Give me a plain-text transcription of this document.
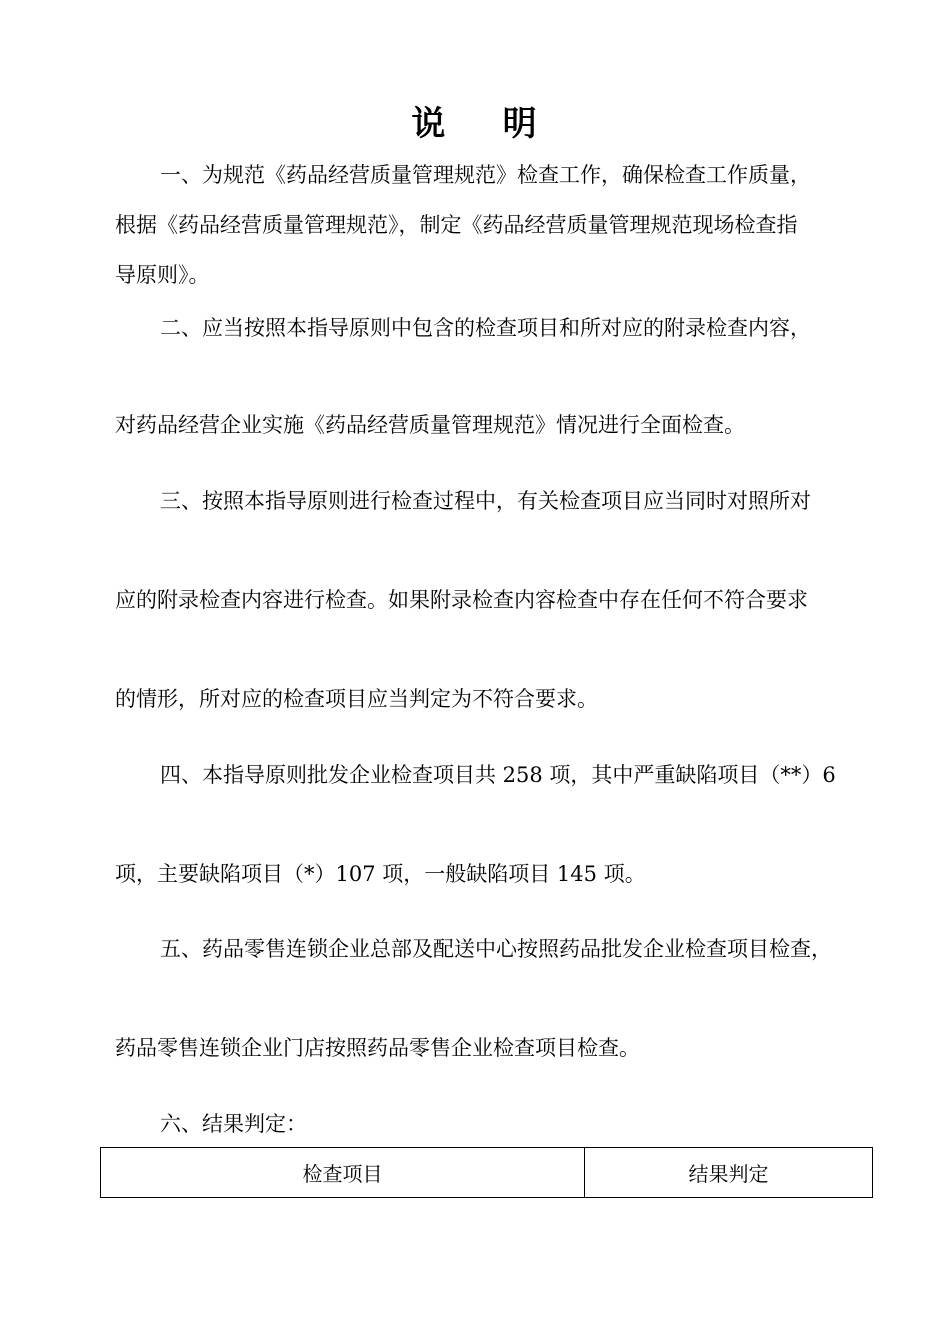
说    明
一、为规范《药品经营质量管理规范》检查工作，确保检查工作质量，
根据《药品经营质量管理规范》，制定《药品经营质量管理规范现场检查指
导原则》。
二、应当按照本指导原则中包含的检查项目和所对应的附录检查内容，
对药品经营企业实施《药品经营质量管理规范》情况进行全面检查。
三、按照本指导原则进行检查过程中，有关检查项目应当同时对照所对
应的附录检查内容进行检查。如果附录检查内容检查中存在任何不符合要求
的情形，所对应的检查项目应当判定为不符合要求。
四、本指导原则批发企业检查项目共 258 项，其中严重缺陷项目（**）6
项，主要缺陷项目（*）107 项，一般缺陷项目 145 项。
五、药品零售连锁企业总部及配送中心按照药品批发企业检查项目检查，
药品零售连锁企业门店按照药品零售企业检查项目检查。
六、结果判定：
检查项目	结果判定
